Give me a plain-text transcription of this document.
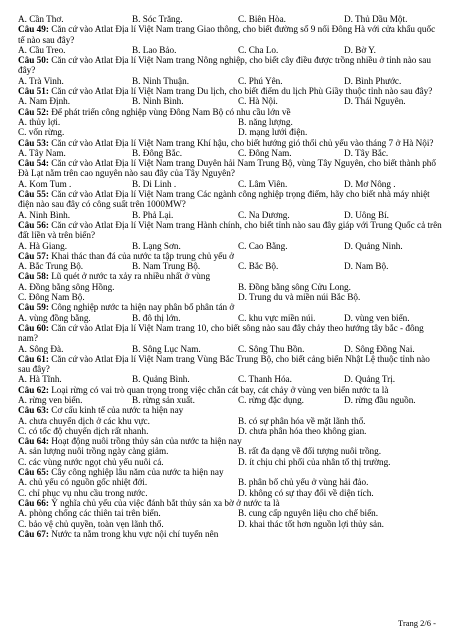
A. Cần Thơ.	B. Sóc Trăng.	C. Biên Hòa.	D. Thủ Dầu Một.
Câu 49: Căn cứ vào Atlat Địa lí Việt Nam trang Giao thông, cho biết đường số 9 nối Đông Hà với cửa khẩu quốc tế nào sau đây?
A. Cầu Treo.	B. Lao Bảo.	C. Cha Lo.	D. Bờ Y.
Câu 50: Căn cứ vào Atlat Địa lí Việt Nam trang Nông nghiệp, cho biết cây điều được trồng nhiều ở tỉnh nào sau đây?
A. Trà Vinh.	B. Ninh Thuận.	C. Phú Yên.	D. Bình Phước.
Câu 51: Căn cứ vào Atlat Địa lí Việt Nam trang Du lịch, cho biết điểm du lịch Phù Giầy thuộc tỉnh nào sau đây?
A. Nam Định.	B. Ninh Bình.	C. Hà Nội.	D. Thái Nguyên.
Câu 52: Để phát triển công nghiệp vùng Đông Nam Bộ có nhu cầu lớn về
A. thủy lợi.	B. năng lượng.
C. vốn rừng.	D. mạng lưới điện.
Câu 53: Căn cứ vào Atlat Địa lí Việt Nam trang Khí hậu, cho biết hướng gió thổi chủ yếu vào tháng 7 ở Hà Nội?
A. Tây Nam.	B. Đông Bắc.	C. Đông Nam.	D. Tây Bắc.
Câu 54: Căn cứ vào Atlat Địa lí Việt Nam trang Duyên hải Nam Trung Bộ, vùng Tây Nguyên, cho biết thành phố Đà Lạt nằm trên cao nguyên nào sau đây của Tây Nguyên?
A. Kom Tum .	B. Di Linh .	C. Lâm Viên.	D. Mơ Nông .
Câu 55: Căn cứ vào Atlat Địa lí Việt Nam trang Các ngành công nghiệp trọng điểm, hãy cho biết nhà máy nhiệt điện nào sau đây có công suất trên 1000MW?
A. Ninh Bình.	B. Phả Lại.	C. Na Dương.	D. Uông Bí.
Câu 56: Căn cứ vào Atlat Địa lí Việt Nam trang Hành chính, cho biết tỉnh nào sau đây giáp với Trung Quốc cả trên đất liền và trên biển?
A. Hà Giang.	B. Lạng Sơn.	C. Cao Bằng.	D. Quảng Ninh.
Câu 57: Khai thác than đá của nước ta tập trung chủ yếu ở
A. Bắc Trung Bộ.	B. Nam Trung Bộ.	C. Bắc Bộ.	D. Nam Bộ.
Câu 58: Lũ quét ở nước ta xảy ra nhiều nhất ở vùng
A. Đồng bằng sông Hồng.	B. Đồng bằng sông Cửu Long.
C. Đông Nam Bộ.	D. Trung du và miền núi Bắc Bộ.
Câu 59: Công nghiệp nước ta hiện nay phân bố phân tán ở
A. vùng đồng bằng.	B. đô thị lớn.	C. khu vực miền núi.	D. vùng ven biển.
Câu 60: Căn cứ vào Atlat Địa lí Việt Nam trang 10, cho biết sông nào sau đây chảy theo hướng tây bắc - đông nam?
A. Sông Đà.	B. Sông Lục Nam.	C. Sông Thu Bồn.	D. Sông Đồng Nai.
Câu 61: Căn cứ vào Atlat Địa lí Việt Nam trang Vùng Bắc Trung Bộ, cho biết cảng biển Nhật Lệ thuộc tỉnh nào sau đây?
A. Hà Tĩnh.	B. Quảng Bình.	C. Thanh Hóa.	D. Quảng Trị.
Câu 62: Loại rừng có vai trò quan trọng trong việc chắn cát bay, cát chảy ở vùng ven biển nước ta là
A. rừng ven biển.	B. rừng sản xuất.	C. rừng đặc dụng.	D. rừng đầu nguồn.
Câu 63: Cơ cấu kinh tế của nước ta hiện nay
A. chưa chuyển dịch ở các khu vực.	B. có sự phân hóa về mặt lãnh thổ.
C. có tốc độ chuyển dịch rất nhanh.	D. chưa phân hóa theo không gian.
Câu 64: Hoạt động nuôi trồng thủy sản của nước ta hiện nay
A. sản lượng nuôi trồng ngày càng giảm.	B. rất đa dạng về đối tượng nuôi trồng.
C. các vùng nước ngọt chủ yếu nuôi cá.	D. ít chịu chi phối của nhân tố thị trường.
Câu 65: Cây công nghiệp lâu năm của nước ta hiện nay
A. chủ yếu có nguồn gốc nhiệt đới.	B. phân bố chủ yếu ở vùng hải đảo.
C. chỉ phục vụ nhu cầu trong nước.	D. không có sự thay đổi về diện tích.
Câu 66: Ý nghĩa chủ yếu của việc đánh bắt thủy sản xa bờ ở nước ta là
A. phòng chống các thiên tai trên biển.	B. cung cấp nguyên liệu cho chế biến.
C. bảo vệ chủ quyền, toàn vẹn lãnh thổ.	D. khai thác tốt hơn nguồn lợi thủy sản.
Câu 67: Nước ta nằm trong khu vực nội chí tuyến nên
Trang 2/6 -
